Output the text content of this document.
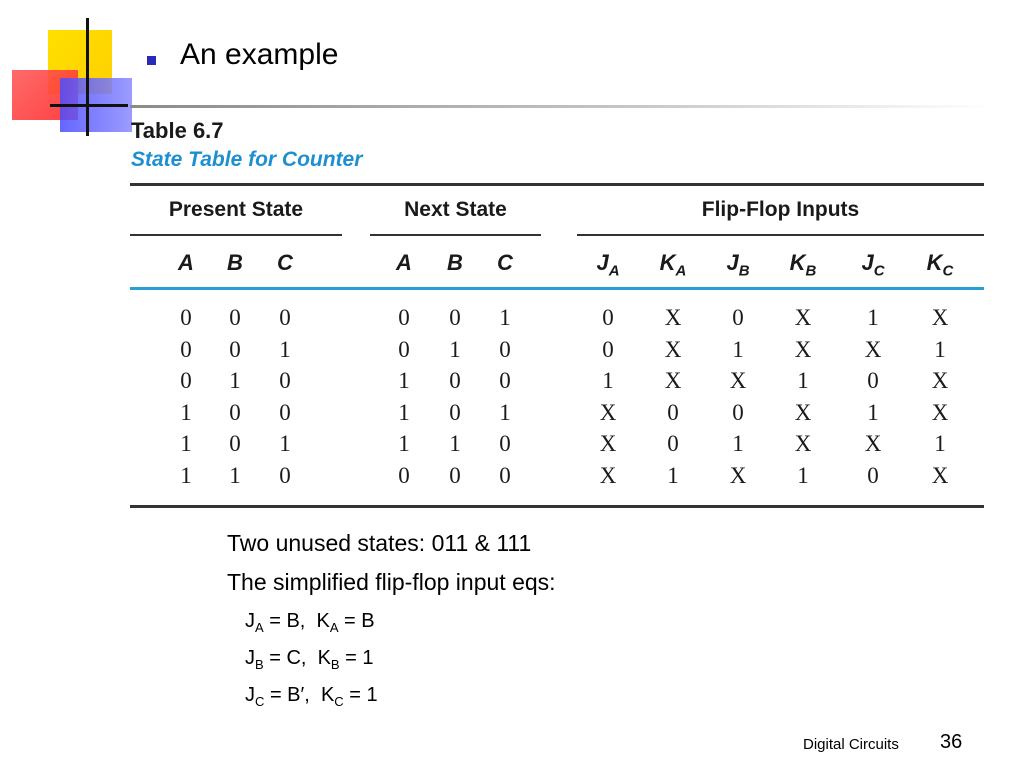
An example
Table 6.7
State Table for Counter
Present State	Next State	Flip-Flop Inputs
A	B	C	A	B	C	$J_A$	$K_A$	$J_B$	$K_B$	$J_C$	$K_C$
0	0	0	0	0	1	0	X	0	X	1	X
0	0	1	0	1	0	0	X	1	X	X	1
0	1	0	1	0	0	1	X	X	1	0	X
1	0	0	1	0	1	X	0	0	X	1	X
1	0	1	1	1	0	X	0	1	X	X	1
1	1	0	0	0	0	X	1	X	1	0	X
Two unused states: 011 & 111
The simplified flip-flop input eqs:
$J_A = B$,  $K_A = B$
$J_B = C$,  $K_B = 1$
$J_C = B'$,  $K_C = 1$
Digital Circuits 36
